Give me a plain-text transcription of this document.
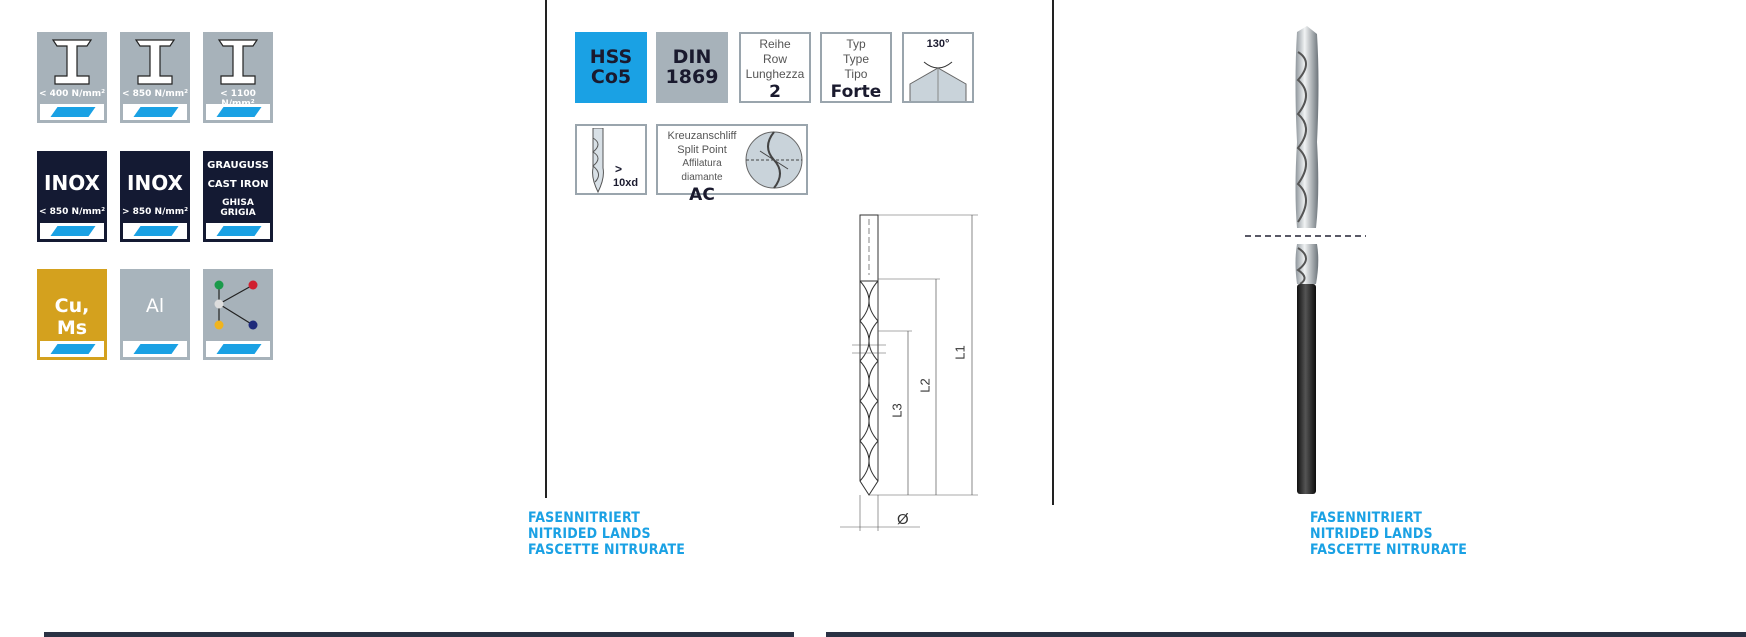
< 400 N/mm² < 850 N/mm²	< 1100
INOX
< 850 N/mm²
INOX
> 850 N/mm²
GRAUGUSS
CAST IRON
GHISA GRIGIA
Cu, Ms
Al
HSS
Co5
DIN
1869
Reihe
Row
Lunghezza
2
Typ
Type
Tipo
Forte
130°
>
10xd
Kreuzanschliff
Split Point
Affilatura diamante
AC
L1
L2
L3
Ø
FASENNITRIERT
NITRIDED LANDS
FASCETTE NITRURATE
FASENNITRIERT
NITRIDED LANDS
FASCETTE NITRURATE
